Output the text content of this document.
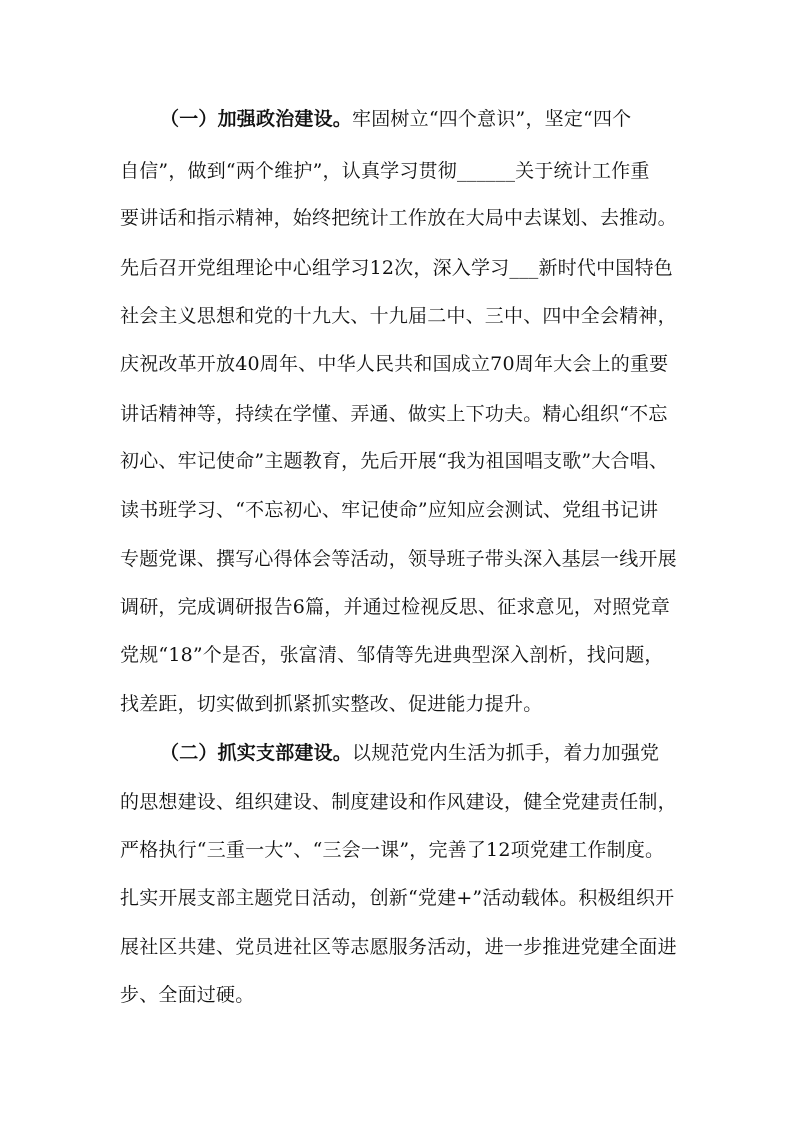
（一）加强政治建设。牢固树立“四个意识”，坚定“四个
自信”，做到“两个维护”，认真学习贯彻______关于统计工作重
要讲话和指示精神，始终把统计工作放在大局中去谋划、去推动。
先后召开党组理论中心组学习12次，深入学习___新时代中国特色
社会主义思想和党的十九大、十九届二中、三中、四中全会精神，
庆祝改革开放40周年、中华人民共和国成立70周年大会上的重要
讲话精神等，持续在学懂、弄通、做实上下功夫。精心组织“不忘
初心、牢记使命”主题教育，先后开展“我为祖国唱支歌”大合唱、
读书班学习、“不忘初心、牢记使命”应知应会测试、党组书记讲
专题党课、撰写心得体会等活动，领导班子带头深入基层一线开展
调研，完成调研报告6篇，并通过检视反思、征求意见，对照党章
党规“18”个是否，张富清、邹倩等先进典型深入剖析，找问题，
找差距，切实做到抓紧抓实整改、促进能力提升。
（二）抓实支部建设。以规范党内生活为抓手，着力加强党
的思想建设、组织建设、制度建设和作风建设，健全党建责任制，
严格执行“三重一大”、“三会一课”，完善了12项党建工作制度。
扎实开展支部主题党日活动，创新“党建+”活动载体。积极组织开
展社区共建、党员进社区等志愿服务活动，进一步推进党建全面进
步、全面过硬。
